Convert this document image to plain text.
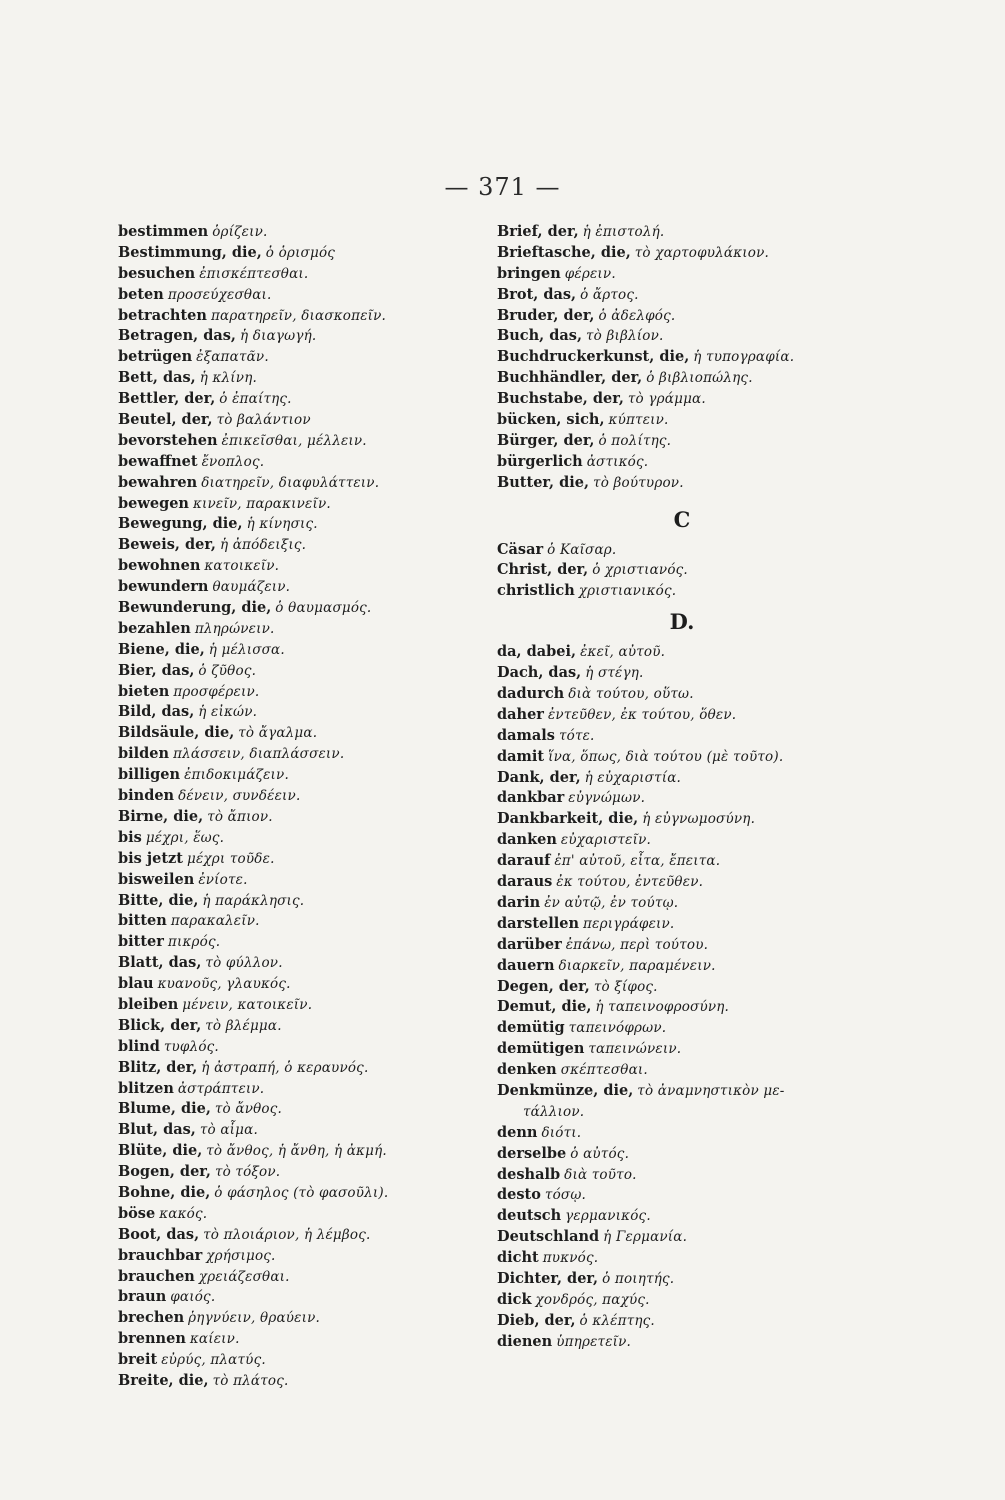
— 371 —
bestimmen ὁρίζειν.
Bestimmung, die, ὁ ὁρισμός
besuchen ἐπισκέπτεσθαι.
beten προσεύχεσθαι.
betrachten παρατηρεῖν, διασκοπεῖν.
Betragen, das, ἡ διαγωγή.
betrügen ἐξαπατᾶν.
Bett, das, ἡ κλίνη.
Bettler, der, ὁ ἐπαίτης.
Beutel, der, τὸ βαλάντιον
bevorstehen ἐπικεῖσθαι, μέλλειν.
bewaffnet ἔνοπλος.
bewahren διατηρεῖν, διαφυλάττειν.
bewegen κινεῖν, παρακινεῖν.
Bewegung, die, ἡ κίνησις.
Beweis, der, ἡ ἀπόδειξις.
bewohnen κατοικεῖν.
bewundern θαυμάζειν.
Bewunderung, die, ὁ θαυμασμός.
bezahlen πληρώνειν.
Biene, die, ἡ μέλισσα.
Bier, das, ὁ ζῦθος.
bieten προσφέρειν.
Bild, das, ἡ εἰκών.
Bildsäule, die, τὸ ἄγαλμα.
bilden πλάσσειν, διαπλάσσειν.
billigen ἐπιδοκιμάζειν.
binden δένειν, συνδέειν.
Birne, die, τὸ ἄπιον.
bis μέχρι, ἕως.
bis jetzt μέχρι τοῦδε.
bisweilen ἐνίοτε.
Bitte, die, ἡ παράκλησις.
bitten παρακαλεῖν.
bitter πικρός.
Blatt, das, τὸ φύλλον.
blau κυανοῦς, γλαυκός.
bleiben μένειν, κατοικεῖν.
Blick, der, τὸ βλέμμα.
blind τυφλός.
Blitz, der, ἡ ἀστραπή, ὁ κεραυνός.
blitzen ἀστράπτειν.
Blume, die, τὸ ἄνθος.
Blut, das, τὸ αἷμα.
Blüte, die, τὸ ἄνθος, ἡ ἄνθη, ἡ ἀκμή.
Bogen, der, τὸ τόξον.
Bohne, die, ὁ φάσηλος (τὸ φασοῦλι).
böse κακός.
Boot, das, τὸ πλοιάριον, ἡ λέμβος.
brauchbar χρήσιμος.
brauchen χρειάζεσθαι.
braun φαιός.
brechen ῥηγνύειν, θραύειν.
brennen καίειν.
breit εὐρύς, πλατύς.
Breite, die, τὸ πλάτος.
Brief, der, ἡ ἐπιστολή.
Brieftasche, die, τὸ χαρτοφυλάκιον.
bringen φέρειν.
Brot, das, ὁ ἄρτος.
Bruder, der, ὁ ἀδελφός.
Buch, das, τὸ βιβλίον.
Buchdruckerkunst, die, ἡ τυπογραφία.
Buchhändler, der, ὁ βιβλιοπώλης.
Buchstabe, der, τὸ γράμμα.
bücken, sich, κύπτειν.
Bürger, der, ὁ πολίτης.
bürgerlich ἀστικός.
Butter, die, τὸ βούτυρον.
C
Cäsar ὁ Καῖσαρ.
Christ, der, ὁ χριστιανός.
christlich χριστιανικός.
D.
da, dabei, ἐκεῖ, αὐτοῦ.
Dach, das, ἡ στέγη.
dadurch διὰ τούτου, οὕτω.
daher ἐντεῦθεν, ἐκ τούτου, ὅθεν.
damals τότε.
damit ἵνα, ὅπως, διὰ τούτου (μὲ τοῦτο).
Dank, der, ἡ εὐχαριστία.
dankbar εὐγνώμων.
Dankbarkeit, die, ἡ εὐγνωμοσύνη.
danken εὐχαριστεῖν.
darauf ἐπ' αὐτοῦ, εἶτα, ἔπειτα.
daraus ἐκ τούτου, ἐντεῦθεν.
darin ἐν αὐτῷ, ἐν τούτῳ.
darstellen περιγράφειν.
darüber ἐπάνω, περὶ τούτου.
dauern διαρκεῖν, παραμένειν.
Degen, der, τὸ ξίφος.
Demut, die, ἡ ταπεινοφροσύνη.
demütig ταπεινόφρων.
demütigen ταπεινώνειν.
denken σκέπτεσθαι.
Denkmünze, die, τὸ ἀναμνηστικὸν με-
τάλλιον.
denn διότι.
derselbe ὁ αὐτός.
deshalb διὰ τοῦτο.
desto τόσῳ.
deutsch γερμανικός.
Deutschland ἡ Γερμανία.
dicht πυκνός.
Dichter, der, ὁ ποιητής.
dick χονδρός, παχύς.
Dieb, der, ὁ κλέπτης.
dienen ὑπηρετεῖν.
